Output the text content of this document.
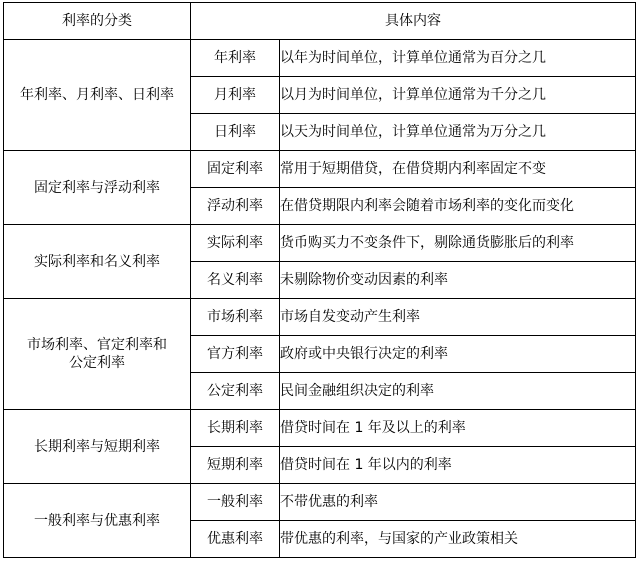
利率的分类	具体内容	
年利率、月利率、日利率	年利率	以年为时间单位，计算单位通常为百分之几
	月利率	以月为时间单位，计算单位通常为千分之几
	日利率	以天为时间单位，计算单位通常为万分之几
固定利率与浮动利率	固定利率	常用于短期借贷，在借贷期内利率固定不变
	浮动利率	在借贷期限内利率会随着市场利率的变化而变化
实际利率和名义利率	实际利率	货币购买力不变条件下，剔除通货膨胀后的利率
	名义利率	未剔除物价变动因素的利率
市场利率、官定利率和公定利率	市场利率	市场自发变动产生利率
	官方利率	政府或中央银行决定的利率
	公定利率	民间金融组织决定的利率
长期利率与短期利率	长期利率	借贷时间在 1 年及以上的利率
	短期利率	借贷时间在 1 年以内的利率
一般利率与优惠利率	一般利率	不带优惠的利率
	优惠利率	带优惠的利率，与国家的产业政策相关
